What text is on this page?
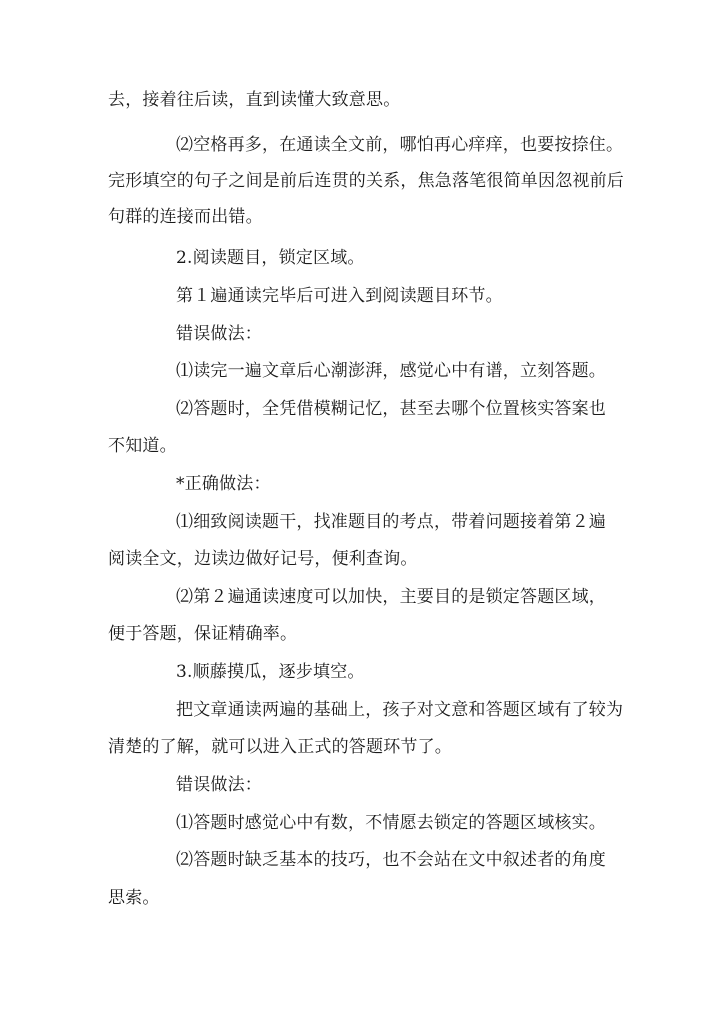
去，接着往后读，直到读懂大致意思。
⑵空格再多，在通读全文前，哪怕再心痒痒，也要按捺住。
完形填空的句子之间是前后连贯的关系，焦急落笔很简单因忽视前后
句群的连接而出错。
2.阅读题目，锁定区域。
第１遍通读完毕后可进入到阅读题目环节。
错误做法：
⑴读完一遍文章后心潮澎湃，感觉心中有谱，立刻答题。
⑵答题时，全凭借模糊记忆，甚至去哪个位置核实答案也
不知道。
*正确做法：
⑴细致阅读题干，找准题目的考点，带着问题接着第２遍
阅读全文，边读边做好记号，便利查询。
⑵第２遍通读速度可以加快，主要目的是锁定答题区域，
便于答题，保证精确率。
3.顺藤摸瓜，逐步填空。
把文章通读两遍的基础上，孩子对文意和答题区域有了较为
清楚的了解，就可以进入正式的答题环节了。
错误做法：
⑴答题时感觉心中有数，不情愿去锁定的答题区域核实。
⑵答题时缺乏基本的技巧，也不会站在文中叙述者的角度
思索。
